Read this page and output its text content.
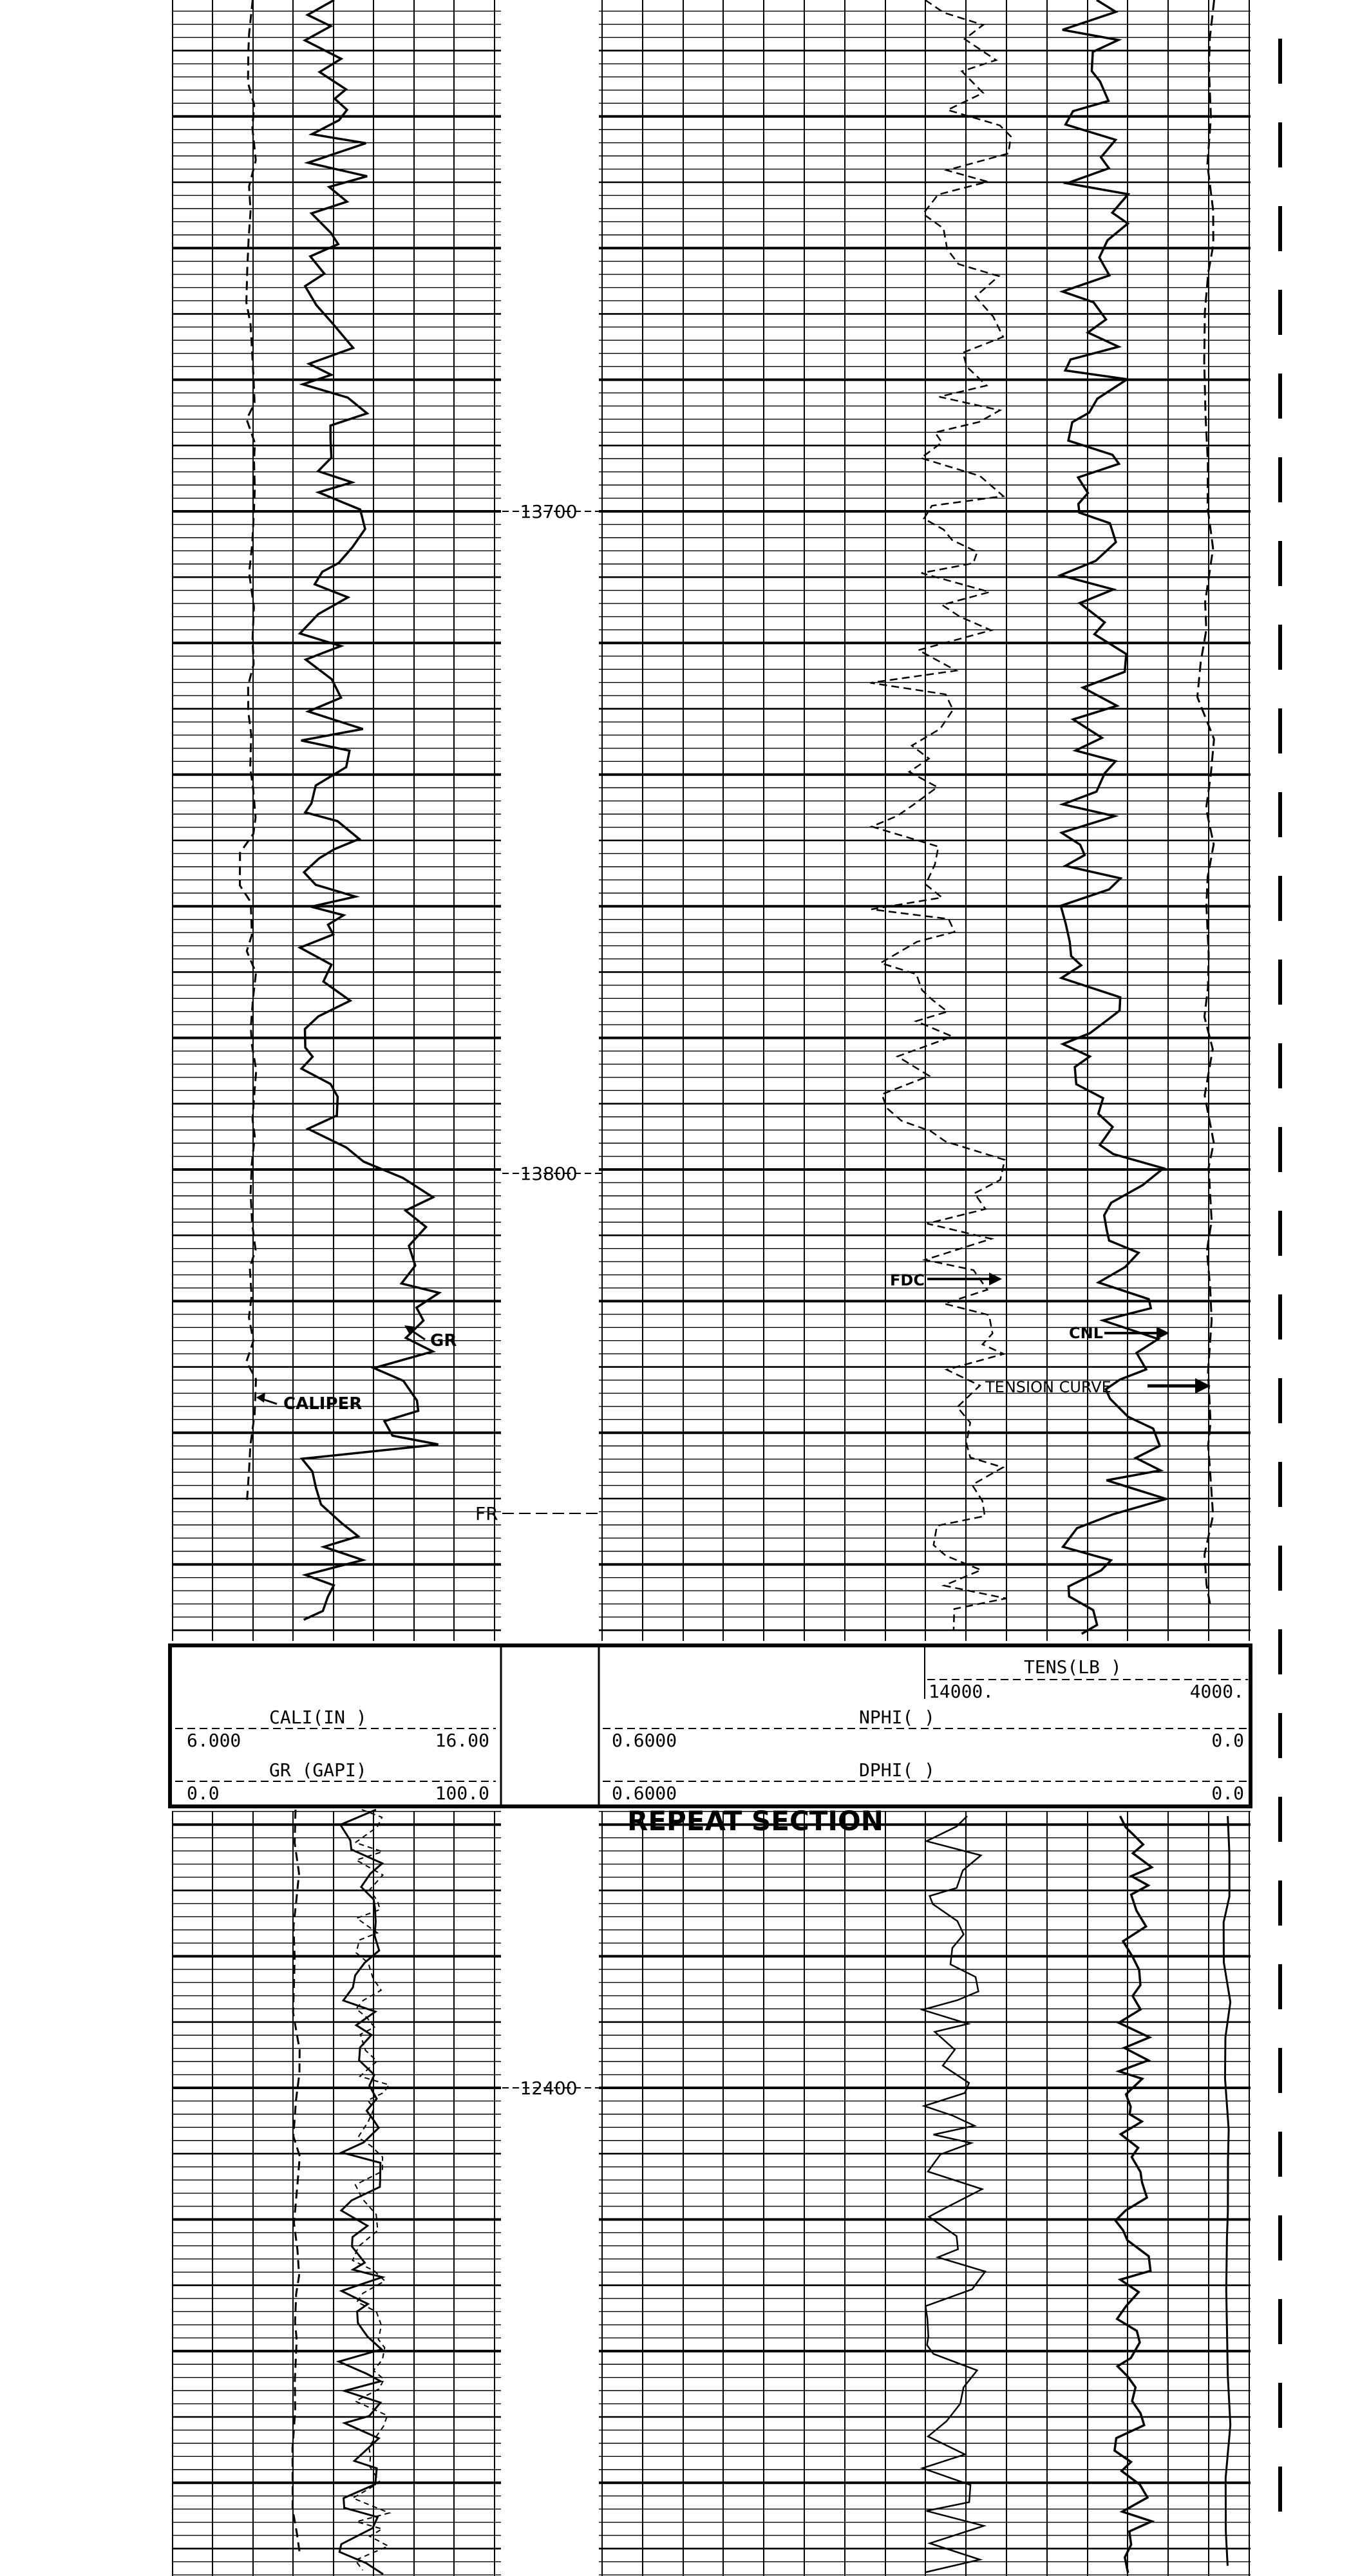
13700
13800
12400
CALIPER
GR
FDC
CNL
TENSION CURVE
FR
TENS(LB )
14000.	4000.
CALI(IN )
6.000	16.00
GR (GAPI)
0.0	100.0
NPHI( )
0.6000	0.0
DPHI( )
0.6000	0.0
REPEAT SECTION
